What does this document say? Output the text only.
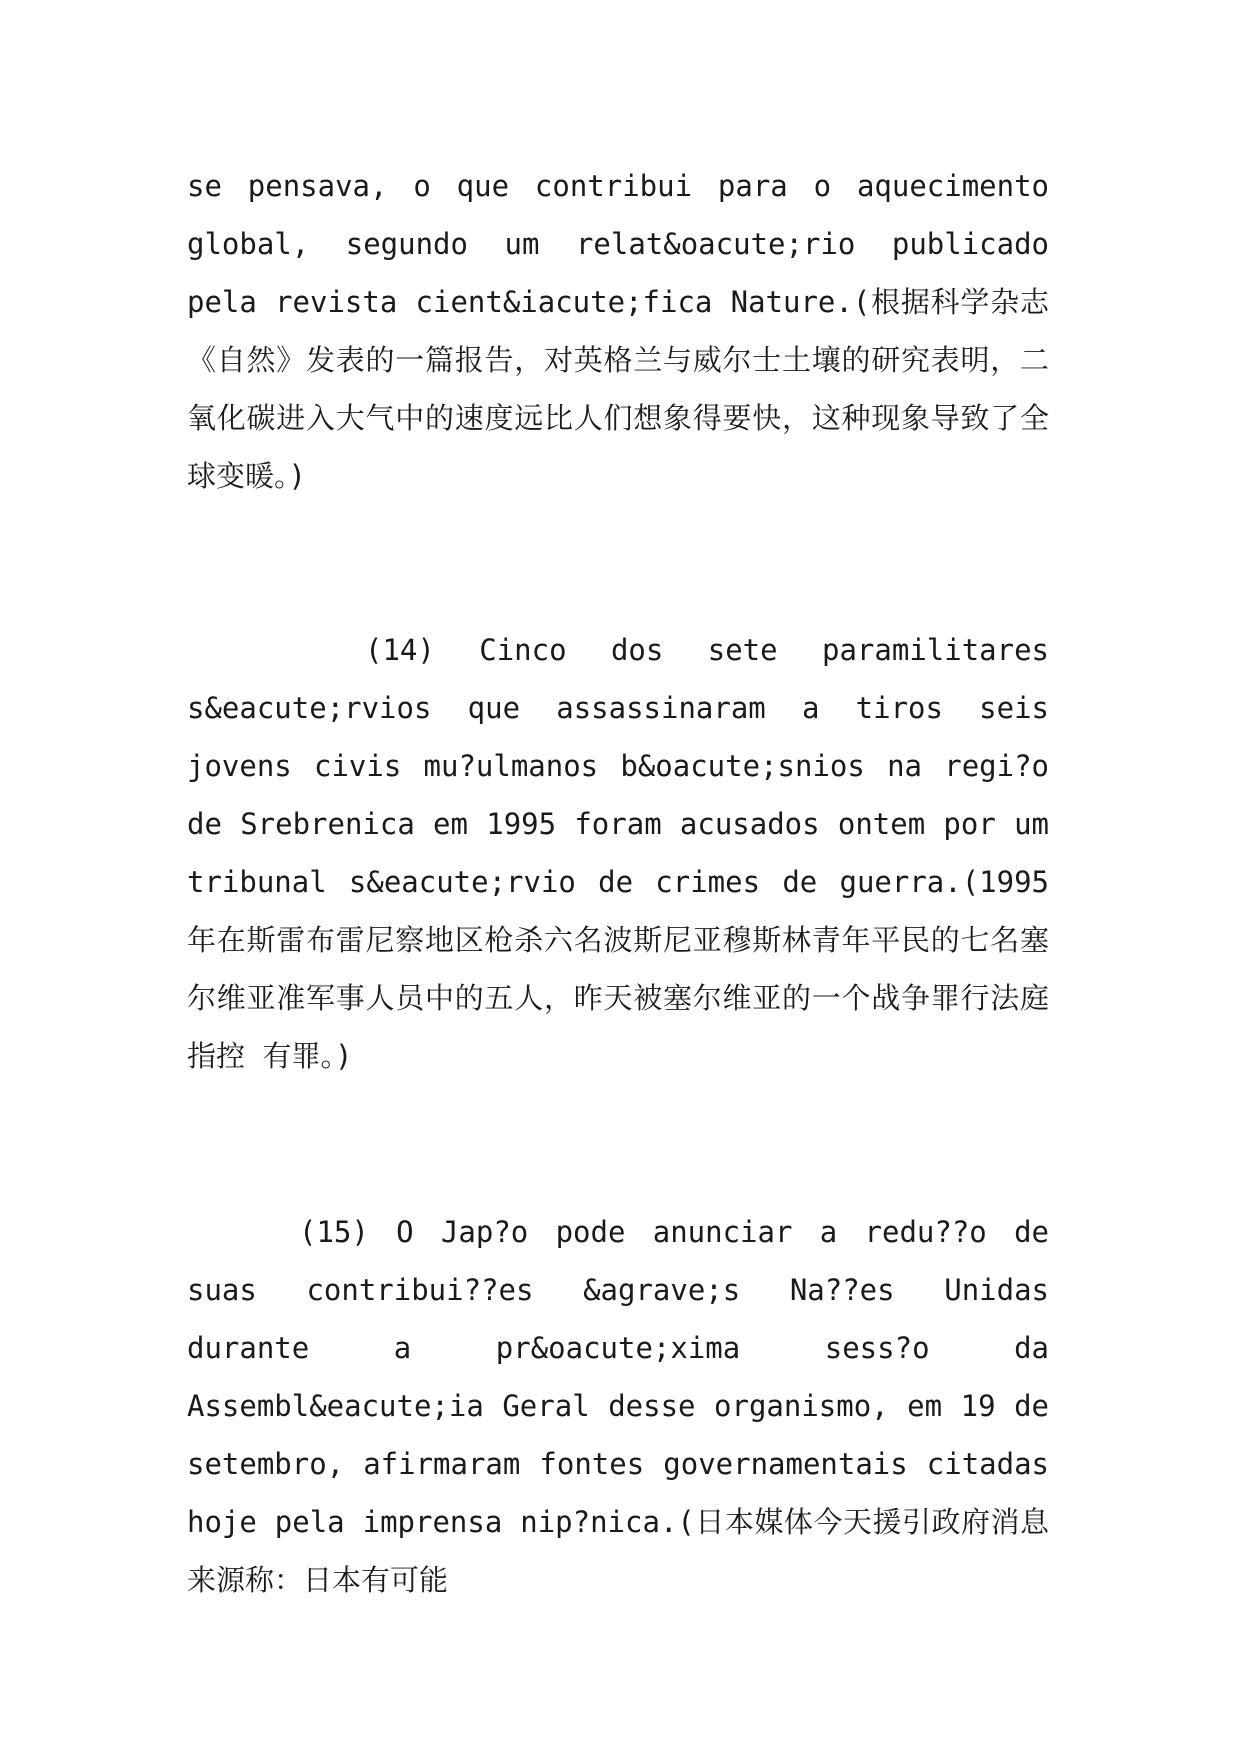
se pensava, o que contribui para o aquecimento global, segundo um relat&oacute;rio publicado pela revista cient&iacute;fica Nature.(根据科学杂志《自然》发表的一篇报告，对英格兰与威尔士土壤的研究表明，二氧化碳进入大气中的速度远比人们想象得要快，这种现象导致了全 球变暖。)

(14) Cinco dos sete paramilitares s&eacute;rvios que assassinaram a tiros seis jovens civis mu?ulmanos b&oacute;snios na regi?o de Srebrenica em 1995 foram acusados ontem por um tribunal s&eacute;rvio de crimes de guerra.(1995年在斯雷布雷尼察地区枪杀六名波斯尼亚穆斯林青年平民的七名塞尔维亚准军事人员中的五人，昨天被塞尔维亚的一个战争罪行法庭指控 有罪。)

(15) O Jap?o pode anunciar a redu??o de suas contribui??es &agrave;s Na??es Unidas durante a pr&oacute;xima sess?o da Assembl&eacute;ia Geral desse organismo, em 19 de setembro, afirmaram fontes governamentais citadas hoje pela imprensa nip?nica.(日本媒体今天援引政府消息来源称：日本有可能
